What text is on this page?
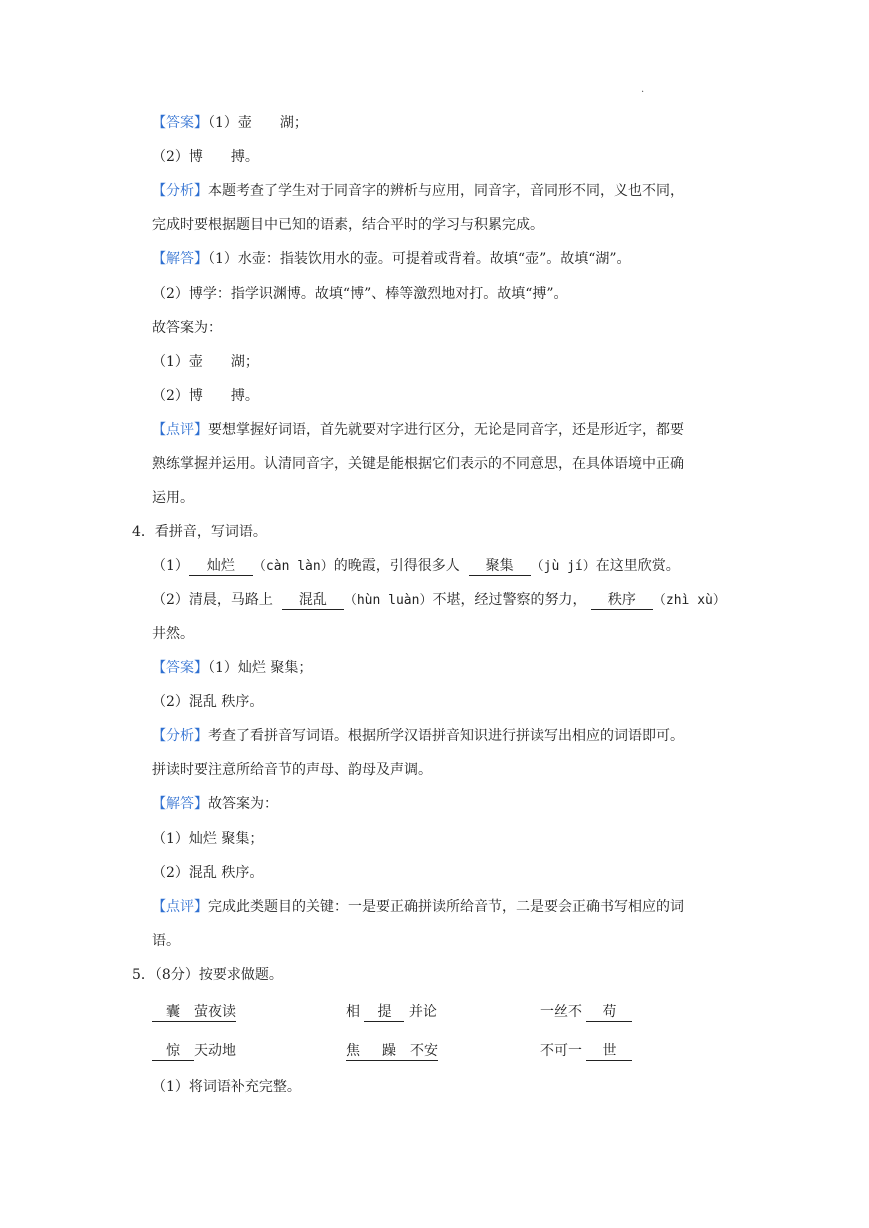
.
【答案】（1）壶　　湖；
（2）博　　搏。
【分析】本题考查了学生对于同音字的辨析与应用，同音字，音同形不同，义也不同，
完成时要根据题目中已知的语素，结合平时的学习与积累完成。
【解答】（1）水壶：指装饮用水的壶。可提着或背着。故填“壶”。故填“湖”。
（2）博学：指学识渊博。故填“博”、棒等激烈地对打。故填“搏”。
故答案为：
（1）壶　　湖；
（2）博　　搏。
【点评】要想掌握好词语，首先就要对字进行区分，无论是同音字，还是形近字，都要
熟练掌握并运用。认清同音字，关键是能根据它们表示的不同意思，在具体语境中正确
运用。
4．看拼音，写词语。
（1） 灿烂 （càn làn）的晚霞，引得很多人 聚集 （jù jí）在这里欣赏。
（2）清晨，马路上 混乱 （hùn luàn）不堪，经过警察的努力， 秩序 （zhì xù）
井然。
【答案】（1）灿烂 聚集；
（2）混乱 秩序。
【分析】考查了看拼音写词语。根据所学汉语拼音知识进行拼读写出相应的词语即可。
拼读时要注意所给音节的声母、韵母及声调。
【解答】故答案为：
（1）灿烂 聚集；
（2）混乱 秩序。
【点评】完成此类题目的关键：一是要正确拼读所给音节，二是要会正确书写相应的词
语。
5．（8分）按要求做题。
囊 萤夜读	相 提 并论	一丝不 苟
惊 天动地	焦 躁 不安	不可一 世
（1）将词语补充完整。
